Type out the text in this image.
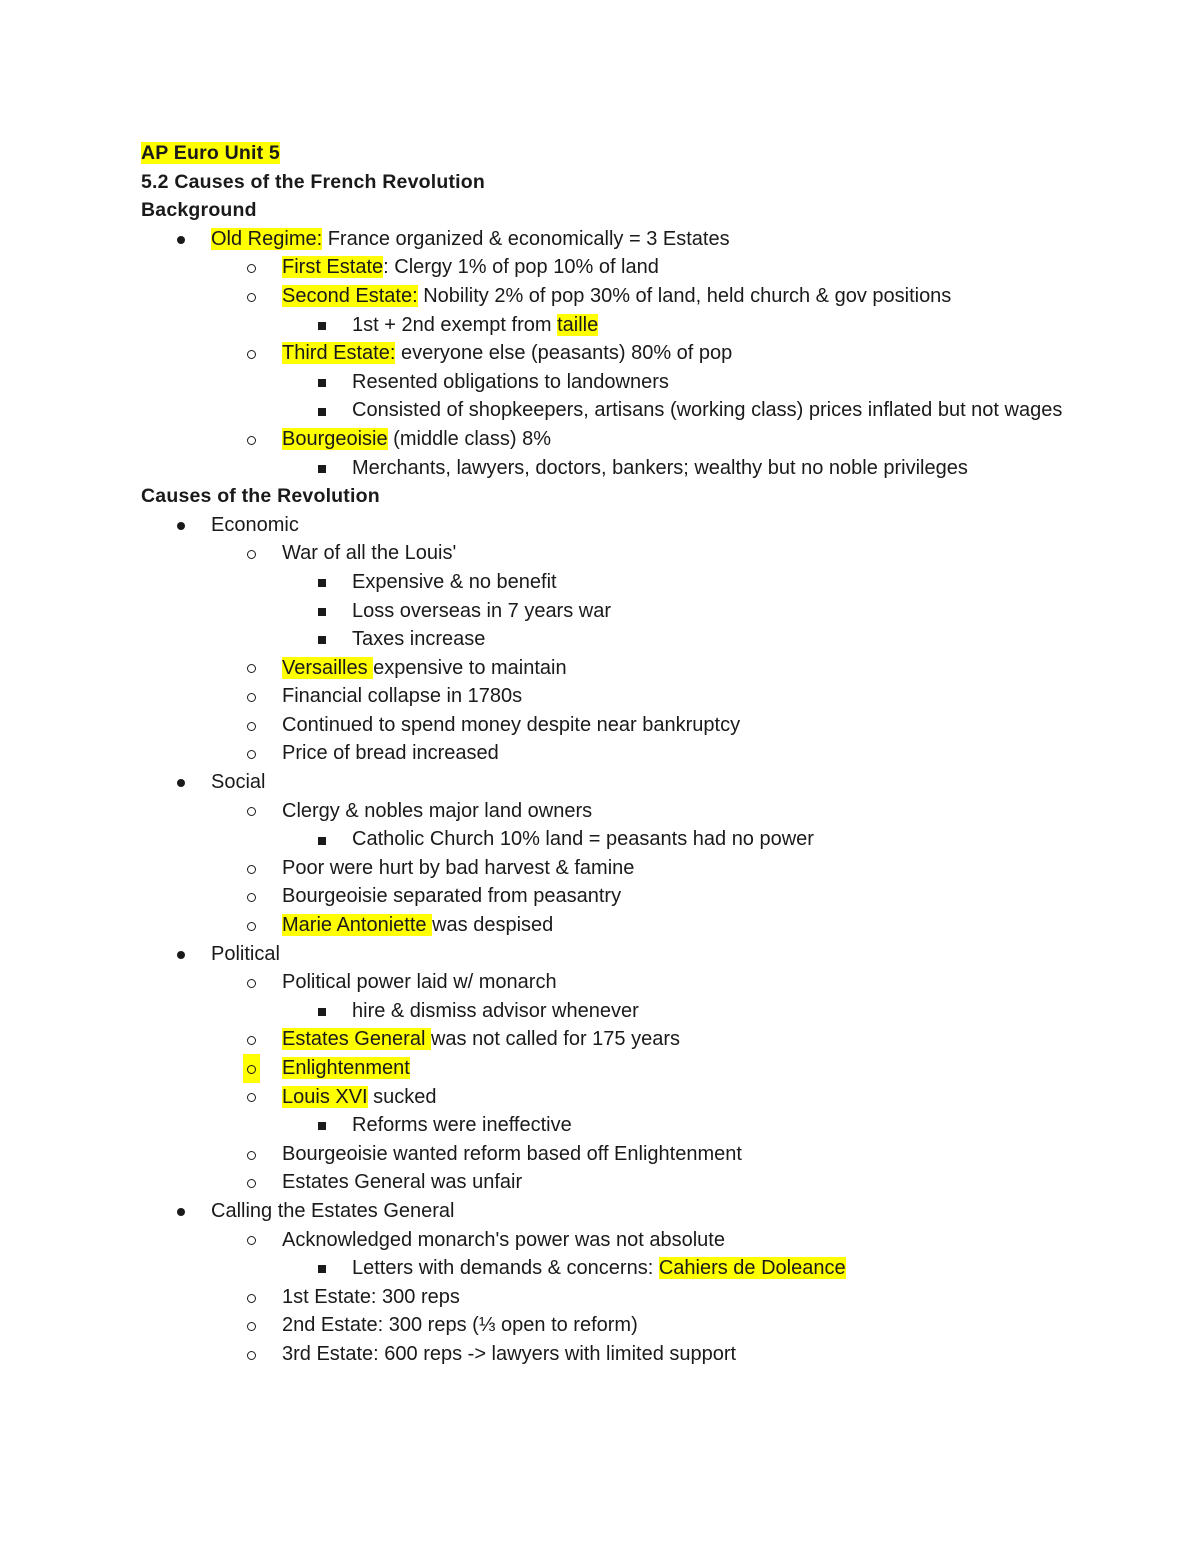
AP Euro Unit 5
5.2 Causes of the French Revolution
Background
Old Regime: France organized & economically = 3 Estates
First Estate: Clergy 1% of pop 10% of land
Second Estate: Nobility 2% of pop 30% of land, held church & gov positions
1st + 2nd exempt from taille
Third Estate: everyone else (peasants) 80% of pop
Resented obligations to landowners
Consisted of shopkeepers, artisans (working class) prices inflated but not wages
Bourgeoisie (middle class) 8%
Merchants, lawyers, doctors, bankers; wealthy but no noble privileges
Causes of the Revolution
Economic
War of all the Louis'
Expensive & no benefit
Loss overseas in 7 years war
Taxes increase
Versailles expensive to maintain
Financial collapse in 1780s
Continued to spend money despite near bankruptcy
Price of bread increased
Social
Clergy & nobles major land owners
Catholic Church 10% land = peasants had no power
Poor were hurt by bad harvest & famine
Bourgeoisie separated from peasantry
Marie Antoniette was despised
Political
Political power laid w/ monarch
hire & dismiss advisor whenever
Estates General was not called for 175 years
Enlightenment
Louis XVI sucked
Reforms were ineffective
Bourgeoisie wanted reform based off Enlightenment
Estates General was unfair
Calling the Estates General
Acknowledged monarch's power was not absolute
Letters with demands & concerns: Cahiers de Doleance
1st Estate: 300 reps
2nd Estate: 300 reps (⅓ open to reform)
3rd Estate: 600 reps -> lawyers with limited support
